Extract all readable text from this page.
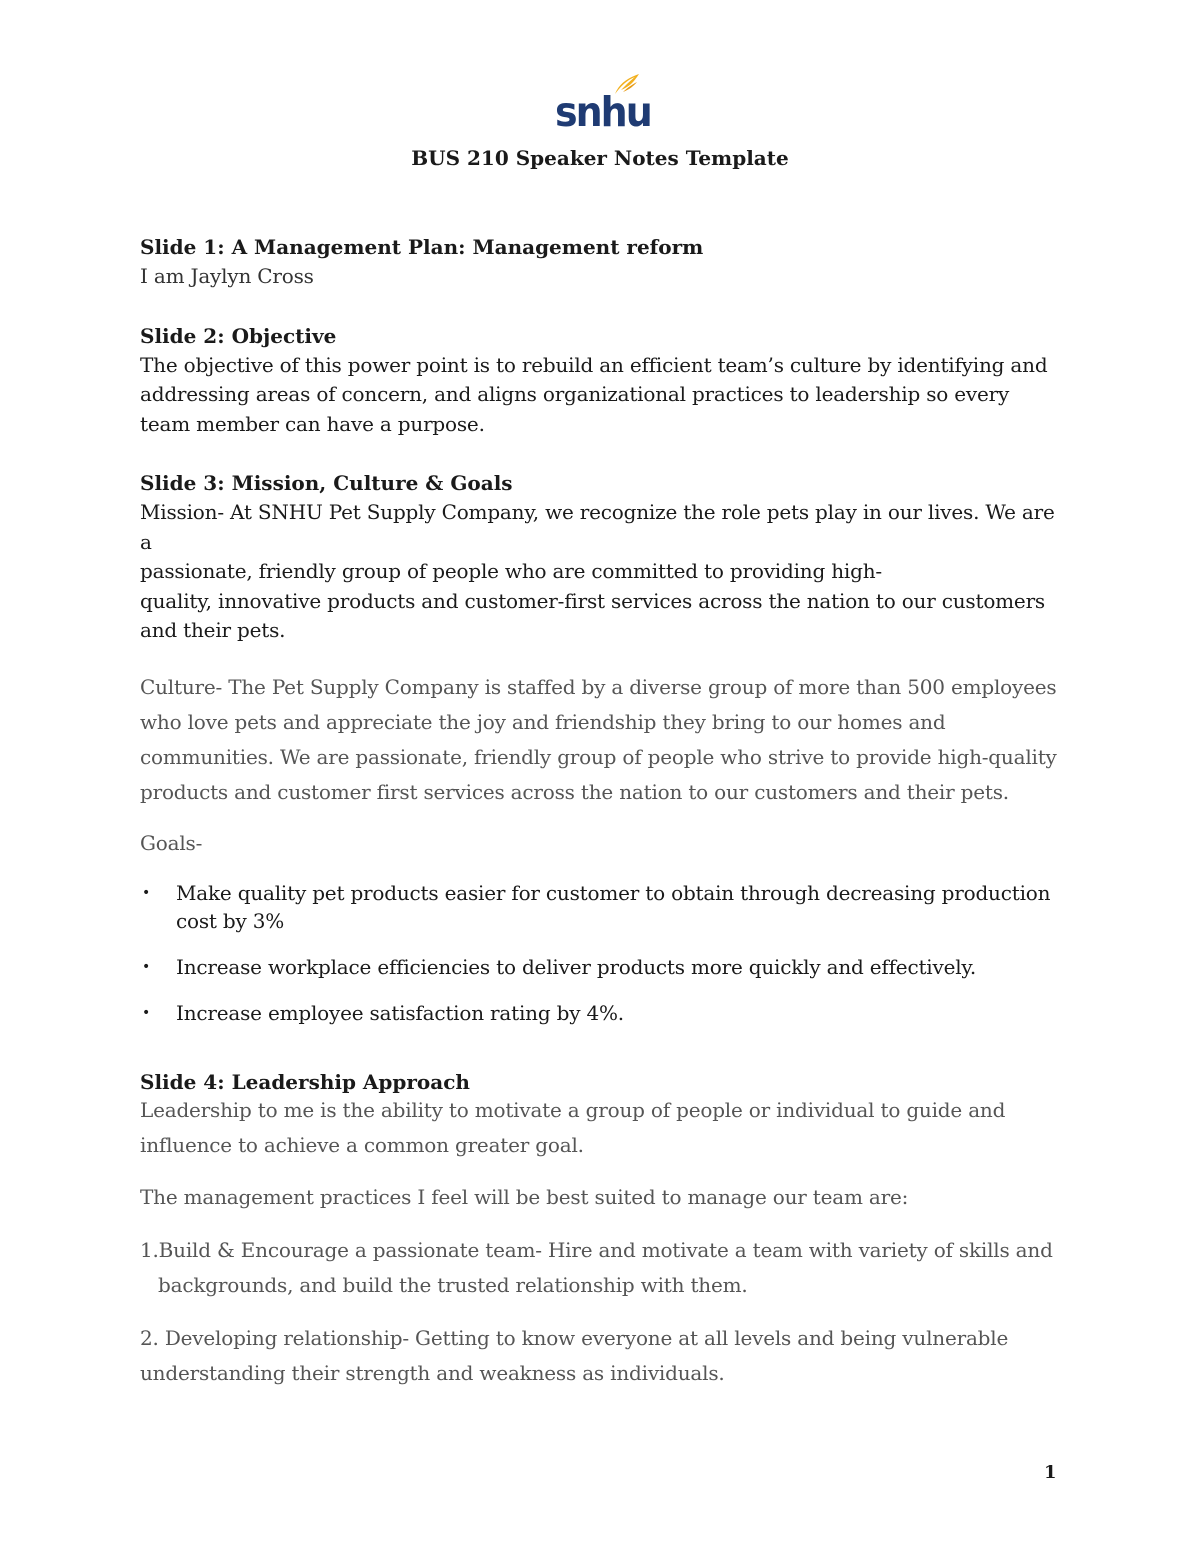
snhu
BUS 210 Speaker Notes Template

Slide 1: A Management Plan: Management reform

I am Jaylyn Cross

Slide 2: Objective

The objective of this power point is to rebuild an efficient team’s culture by identifying and addressing areas of concern, and aligns organizational practices to leadership so every team member can have a purpose.

Slide 3: Mission, Culture & Goals

Mission- At SNHU Pet Supply Company, we recognize the role pets play in our lives. We are a

passionate, friendly group of people who are committed to providing high-

quality, innovative products and customer-first services across the nation to our customers and their pets.

Culture- The Pet Supply Company is staffed by a diverse group of more than 500 employees who love pets and appreciate the joy and friendship they bring to our homes and communities. We are passionate, friendly group of people who strive to provide high-quality products and customer first services across the nation to our customers and their pets.

Goals-

• Make quality pet products easier for customer to obtain through decreasing production cost by 3%
• Increase workplace efficiencies to deliver products more quickly and effectively.
• Increase employee satisfaction rating by 4%.

Slide 4: Leadership Approach

Leadership to me is the ability to motivate a group of people or individual to guide and influence to achieve a common greater goal.

The management practices I feel will be best suited to manage our team are:

1.Build & Encourage a passionate team- Hire and motivate a team with variety of skills and

backgrounds, and build the trusted relationship with them.

2. Developing relationship- Getting to know everyone at all levels and being vulnerable understanding their strength and weakness as individuals.

1
